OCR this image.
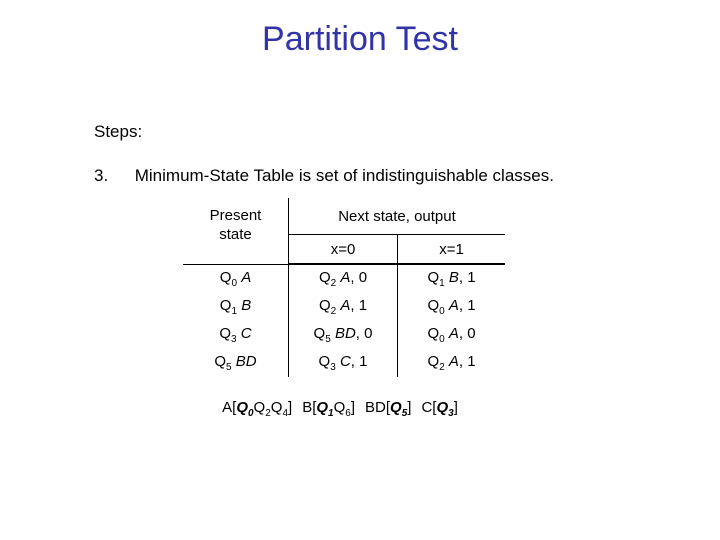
Partition Test
Steps:
3. Minimum-State Table is set of indistinguishable classes.
Present
state	Next state, output	
	x=0	x=1

$Q_0$ A	$Q_2$ A, 0	$Q_1$ B, 1
$Q_1$ B	$Q_2$ A, 1	$Q_0$ A, 1
$Q_3$ C	$Q_5$ BD, 0	$Q_0$ A, 0
$Q_5$ BD	$Q_3$ C, 1	$Q_2$ A, 1
$A[Q_0Q_2Q_4]$ $B[Q_1Q_6]$ $BD[Q_5]$ $C[Q_3]$
